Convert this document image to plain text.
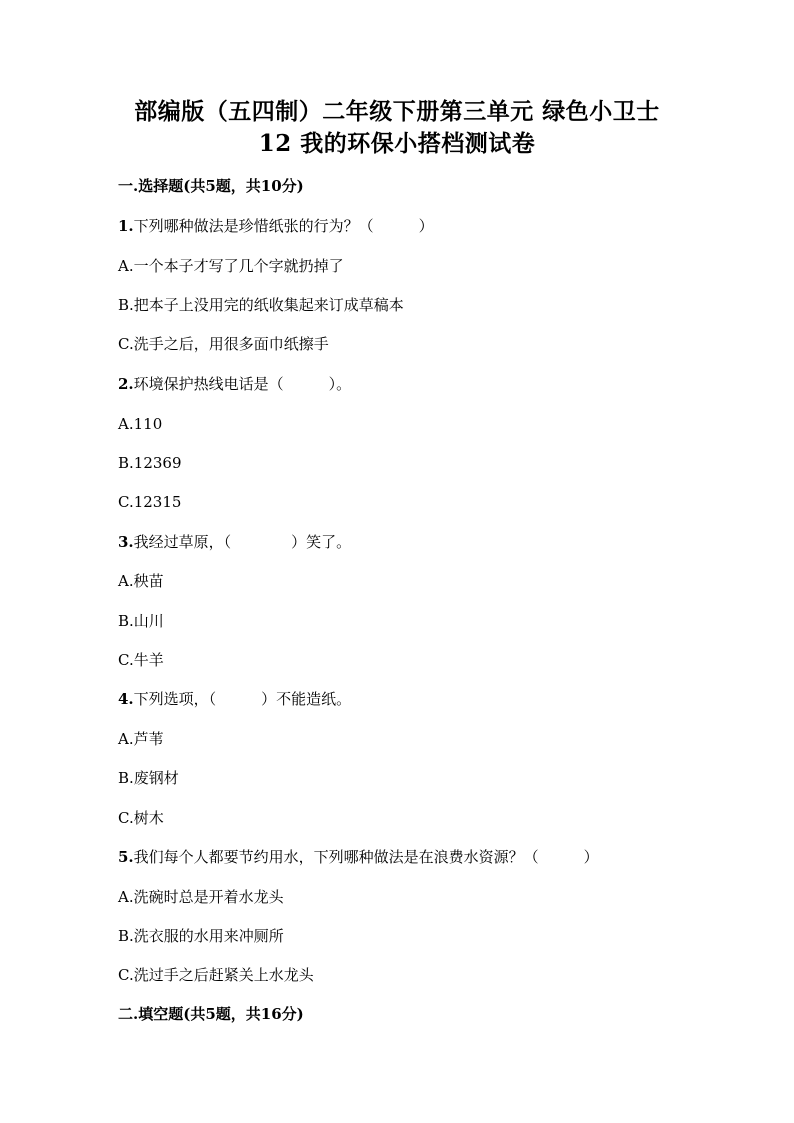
部编版（五四制）二年级下册第三单元 绿色小卫士
12 我的环保小搭档测试卷
一.选择题(共5题，共10分)
1.下列哪种做法是珍惜纸张的行为？（　　　）
A.一个本子才写了几个字就扔掉了
B.把本子上没用完的纸收集起来订成草稿本
C.洗手之后，用很多面巾纸擦手
2.环境保护热线电话是（　　　）。
A.110
B.12369
C.12315
3.我经过草原，（　　　　）笑了。
A.秧苗
B.山川
C.牛羊
4.下列选项，（　　　）不能造纸。
A.芦苇
B.废钢材
C.树木
5.我们每个人都要节约用水，下列哪种做法是在浪费水资源？（　　　）
A.洗碗时总是开着水龙头
B.洗衣服的水用来冲厕所
C.洗过手之后赶紧关上水龙头
二.填空题(共5题，共16分)
